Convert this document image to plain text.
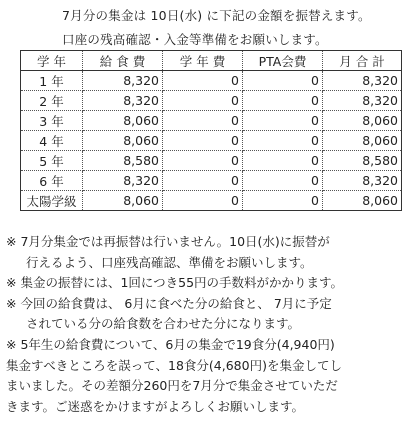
7月分の集金は 10日(水) に下記の金額を振替えます。
口座の残高確認・入金等準備をお願いします。
学 年	給 食 費	学 年 費	PTA会費	月 合 計
1 年	8,320	0	0	8,320
2 年	8,320	0	0	8,320
3 年	8,060	0	0	8,060
4 年	8,060	0	0	8,060
5 年	8,580	0	0	8,580
6 年	8,320	0	0	8,320
太陽学級	8,060	0	0	8,060
※ 7月分集金では再振替は行いません。10日(水)に振替が
行えるよう、口座残高確認、準備をお願いします。
※ 集金の振替には、1回につき55円の手数料がかかります。
※ 今回の給食費は、 6月に食べた分の給食と、 7月に予定
されている分の給食数を合わせた分になります。
※ 5年生の給食費について、6月の集金で19食分(4,940円)
集金すべきところを誤って、18食分(4,680円)を集金してし
まいました。その差額分260円を7月分で集金させていただ
きます。ご迷惑をかけますがよろしくお願いします。
